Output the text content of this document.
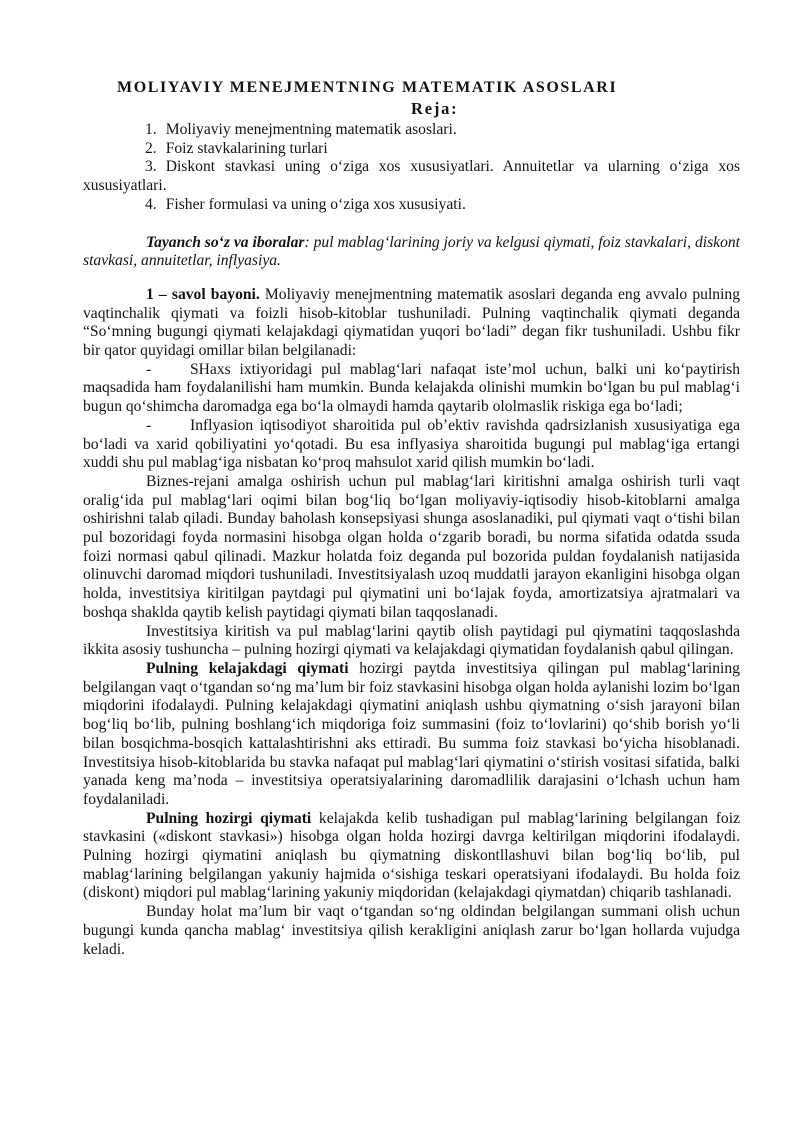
MOLIYAVIY MENEJMENTNING MATEMATIK ASOSLARI
Reja:

1. Moliyaviy menejmentning matematik asoslari.

2. Foiz stavkalarining turlari

3. Diskont stavkasi uning o‘ziga xos xususiyatlari. Annuitetlar va ularning o‘ziga xos xususiyatlari.

4. Fisher formulasi va uning o‘ziga xos xususiyati.

Tayanch so‘z va iboralar: pul mablag‘larining joriy va kelgusi qiymati, foiz stavkalari, diskont stavkasi, annuitetlar, inflyasiya.

1 – savol bayoni. Moliyaviy menejmentning matematik asoslari deganda eng avvalo pulning vaqtinchalik qiymati va foizli hisob-kitoblar tushuniladi. Pulning vaqtinchalik qiymati deganda “So‘mning bugungi qiymati kelajakdagi qiymatidan yuqori bo‘ladi” degan fikr tushuniladi. Ushbu fikr bir qator quyidagi omillar bilan belgilanadi:

- SHaxs ixtiyoridagi pul mablag‘lari nafaqat iste’mol uchun, balki uni ko‘paytirish maqsadida ham foydalanilishi ham mumkin. Bunda kelajakda olinishi mumkin bo‘lgan bu pul mablag‘i bugun qo‘shimcha daromadga ega bo‘la olmaydi hamda qaytarib ololmaslik riskiga ega bo‘ladi;

- Inflyasion iqtisodiyot sharoitida pul ob’ektiv ravishda qadrsizlanish xususiyatiga ega bo‘ladi va xarid qobiliyatini yo‘qotadi. Bu esa inflyasiya sharoitida bugungi pul mablag‘iga ertangi xuddi shu pul mablag‘iga nisbatan ko‘proq mahsulot xarid qilish mumkin bo‘ladi.

Biznes-rejani amalga oshirish uchun pul mablag‘lari kiritishni amalga oshirish turli vaqt oralig‘ida pul mablag‘lari oqimi bilan bog‘liq bo‘lgan moliyaviy-iqtisodiy hisob-kitoblarni amalga oshirishni talab qiladi. Bunday baholash konsepsiyasi shunga asoslanadiki, pul qiymati vaqt o‘tishi bilan pul bozoridagi foyda normasini hisobga olgan holda o‘zgarib boradi, bu norma sifatida odatda ssuda foizi normasi qabul qilinadi. Mazkur holatda foiz deganda pul bozorida puldan foydalanish natijasida olinuvchi daromad miqdori tushuniladi. Investitsiyalash uzoq muddatli jarayon ekanligini hisobga olgan holda, investitsiya kiritilgan paytdagi pul qiymatini uni bo‘lajak foyda, amortizatsiya ajratmalari va boshqa shaklda qaytib kelish paytidagi qiymati bilan taqqoslanadi.

Investitsiya kiritish va pul mablag‘larini qaytib olish paytidagi pul qiymatini taqqoslashda ikkita asosiy tushuncha – pulning hozirgi qiymati va kelajakdagi qiymatidan foydalanish qabul qilingan.

Pulning kelajakdagi qiymati hozirgi paytda investitsiya qilingan pul mablag‘larining belgilangan vaqt o‘tgandan so‘ng ma’lum bir foiz stavkasini hisobga olgan holda aylanishi lozim bo‘lgan miqdorini ifodalaydi. Pulning kelajakdagi qiymatini aniqlash ushbu qiymatning o‘sish jarayoni bilan bog‘liq bo‘lib, pulning boshlang‘ich miqdoriga foiz summasini (foiz to‘lovlarini) qo‘shib borish yo‘li bilan bosqichma-bosqich kattalashtirishni aks ettiradi. Bu summa foiz stavkasi bo‘yicha hisoblanadi. Investitsiya hisob-kitoblarida bu stavka nafaqat pul mablag‘lari qiymatini o‘stirish vositasi sifatida, balki yanada keng ma’noda – investitsiya operatsiyalarining daromadlilik darajasini o‘lchash uchun ham foydalaniladi.

Pulning hozirgi qiymati kelajakda kelib tushadigan pul mablag‘larining belgilangan foiz stavkasini («diskont stavkasi») hisobga olgan holda hozirgi davrga keltirilgan miqdorini ifodalaydi. Pulning hozirgi qiymatini aniqlash bu qiymatning diskontllashuvi bilan bog‘liq bo‘lib, pul mablag‘larining belgilangan yakuniy hajmida o‘sishiga teskari operatsiyani ifodalaydi. Bu holda foiz (diskont) miqdori pul mablag‘larining yakuniy miqdoridan (kelajakdagi qiymatdan) chiqarib tashlanadi.

Bunday holat ma’lum bir vaqt o‘tgandan so‘ng oldindan belgilangan summani olish uchun bugungi kunda qancha mablag‘ investitsiya qilish kerakligini aniqlash zarur bo‘lgan hollarda vujudga keladi.
